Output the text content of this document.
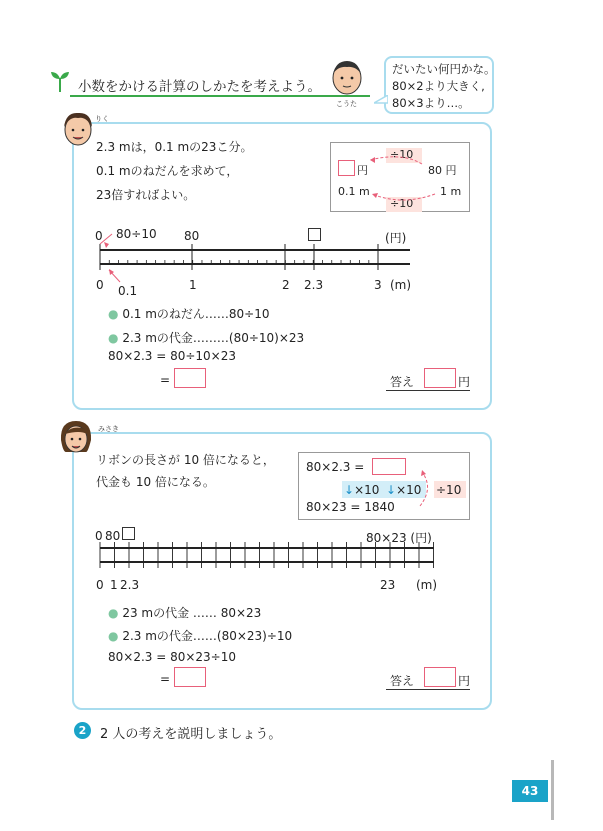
小数をかける計算のしかたを考えよう。
こうた
だいたい何円かな。
80×2より大きく,
80×3より…。
りく
2.3 mは，0.1 mの23こ分。
0.1 mのねだんを求めて，
23倍すればよい。
÷10
円	80 円
0.1 m	1 m
÷10
0 80÷10 80	(円)
0 0.1	1	2 2.3	3 (m)
● 0.1 mのねだん……80÷10
● 2.3 mの代金………(80÷10)×23
80×2.3 = 80÷10×23
=	答え	円
みさき
リボンの長さが 10 倍になると，
代金も 10 倍になる。
80×2.3 =
↓×10 ↓×10 ÷10
80×23 = 1840
0 80	80×23 (円)
0 1 2.3	23 (m)
● 23 mの代金 …… 80×23
● 2.3 mの代金……(80×23)÷10
80×2.3 = 80×23÷10
=	答え	円
2	2 人の考えを説明しましょう。
43
